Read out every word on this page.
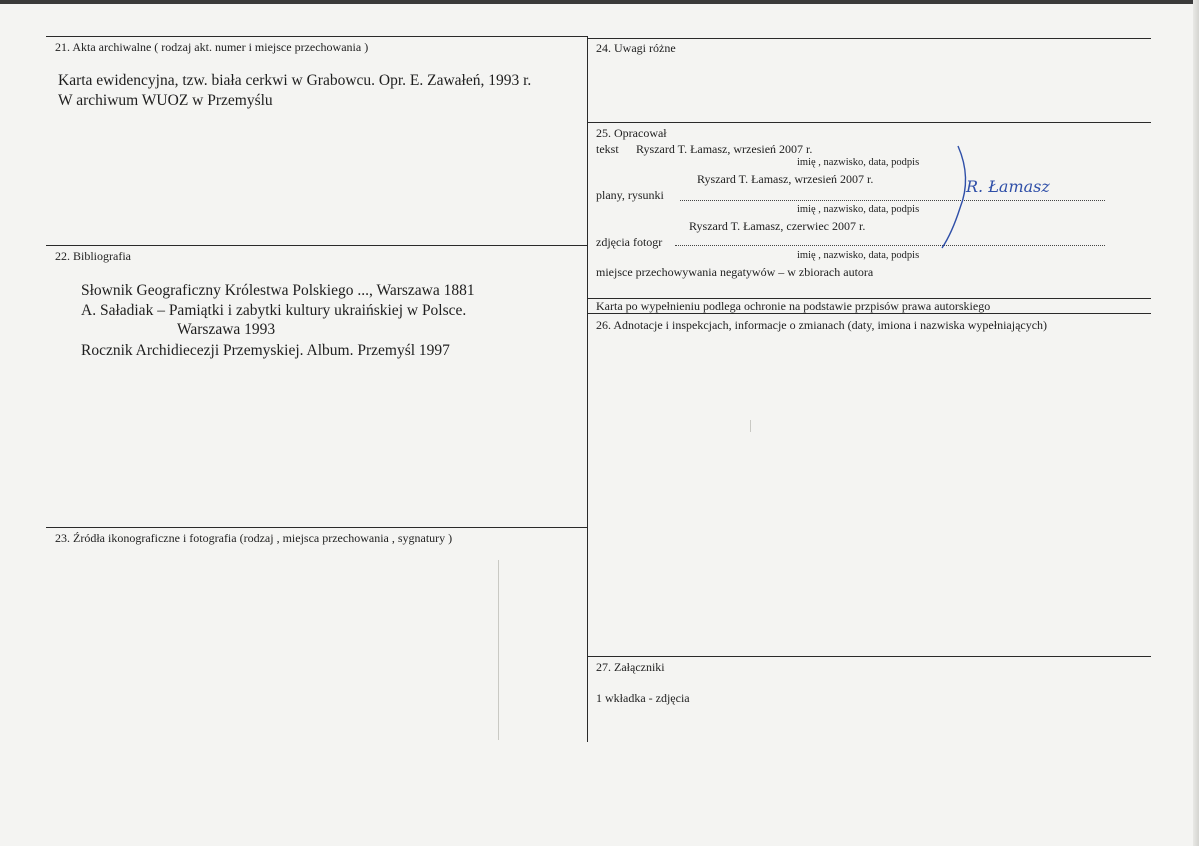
21. Akta archiwalne ( rodzaj akt. numer i miejsce przechowania )
Karta ewidencyjna, tzw. biała cerkwi w Grabowcu. Opr. E. Zawałeń, 1993 r.
W archiwum WUOZ w Przemyślu
22. Bibliografia
Słownik Geograficzny Królestwa Polskiego ..., Warszawa 1881
A. Saładiak – Pamiątki i zabytki kultury ukraińskiej w Polsce.
Warszawa 1993
Rocznik Archidiecezji Przemyskiej. Album. Przemyśl 1997
23. Źródła ikonograficzne i fotografia (rodzaj , miejsca przechowania , sygnatury )
24. Uwagi różne
25. Opracował
tekst Ryszard T. Łamasz, wrzesień 2007 r.
imię , nazwisko, data, podpis
Ryszard T. Łamasz, wrzesień 2007 r.
plany, rysunki
imię , nazwisko, data, podpis
Ryszard T. Łamasz, czerwiec 2007 r.
zdjęcia fotogr
imię , nazwisko, data, podpis
miejsce przechowywania negatywów – w zbiorach autora
R. Łamasz
Karta po wypełnieniu podlega ochronie na podstawie przpisów prawa autorskiego
26. Adnotacje i inspekcjach, informacje o zmianach (daty, imiona i nazwiska wypełniających)
27. Załączniki
1 wkładka - zdjęcia
